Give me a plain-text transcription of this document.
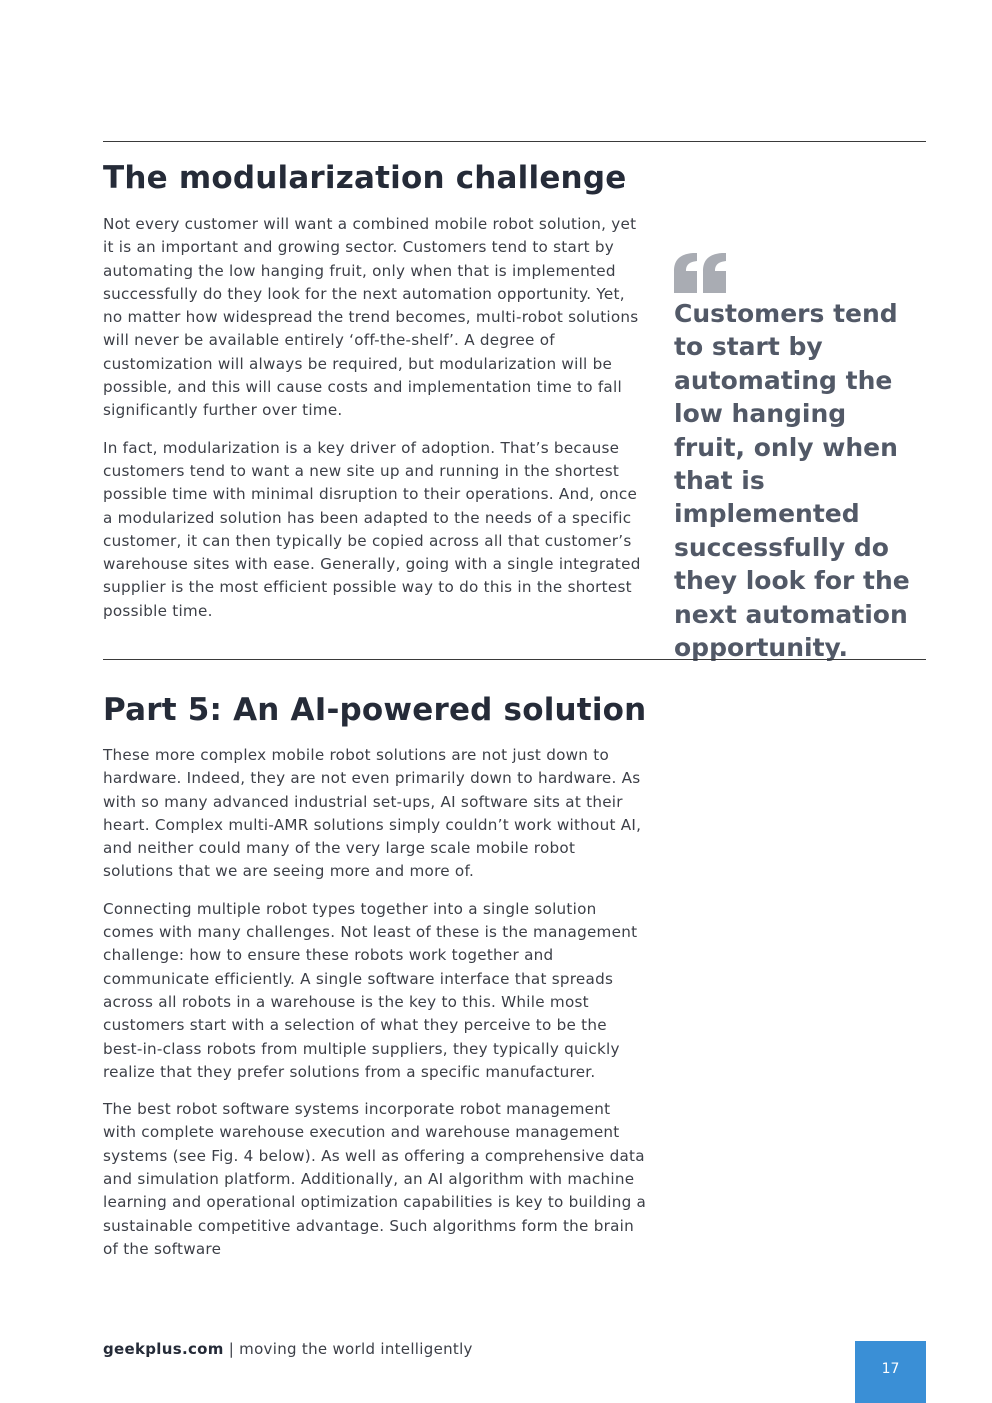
The modularization challenge

Not every customer will want a combined mobile robot solution, yet it is an important and growing sector. Customers tend to start by automating the low hanging fruit, only when that is implemented successfully do they look for the next automation opportunity. Yet, no matter how widespread the trend becomes, multi-robot solutions will never be available entirely ‘off-the-shelf’. A degree of customization will always be required, but modularization will be possible, and this will cause costs and implementation time to fall significantly further over time.

In fact, modularization is a key driver of adoption. That’s because customers tend to want a new site up and running in the shortest possible time with minimal disruption to their operations. And, once a modularized solution has been adapted to the needs of a specific customer, it can then typically be copied across all that customer’s warehouse sites with ease. Generally, going with a single integrated supplier is the most efficient possible way to do this in the shortest possible time.

Customers tend to start by automating the low hanging fruit, only when that is implemented successfully do they look for the next automation opportunity.

Part 5: An AI-powered solution

These more complex mobile robot solutions are not just down to hardware. Indeed, they are not even primarily down to hardware. As with so many advanced industrial set-ups, AI software sits at their heart. Complex multi-AMR solutions simply couldn’t work without AI, and neither could many of the very large scale mobile robot solutions that we are seeing more and more of.

Connecting multiple robot types together into a single solution comes with many challenges. Not least of these is the management challenge: how to ensure these robots work together and communicate efficiently. A single software interface that spreads across all robots in a warehouse is the key to this. While most customers start with a selection of what they perceive to be the best-in-class robots from multiple suppliers, they typically quickly realize that they prefer solutions from a specific manufacturer.

The best robot software systems incorporate robot management with complete warehouse execution and warehouse management systems (see Fig. 4 below). As well as offering a comprehensive data and simulation platform. Additionally, an AI algorithm with machine learning and operational optimization capabilities is key to building a sustainable competitive advantage. Such algorithms form the brain of the software

geekplus.com | moving the world intelligently
17
